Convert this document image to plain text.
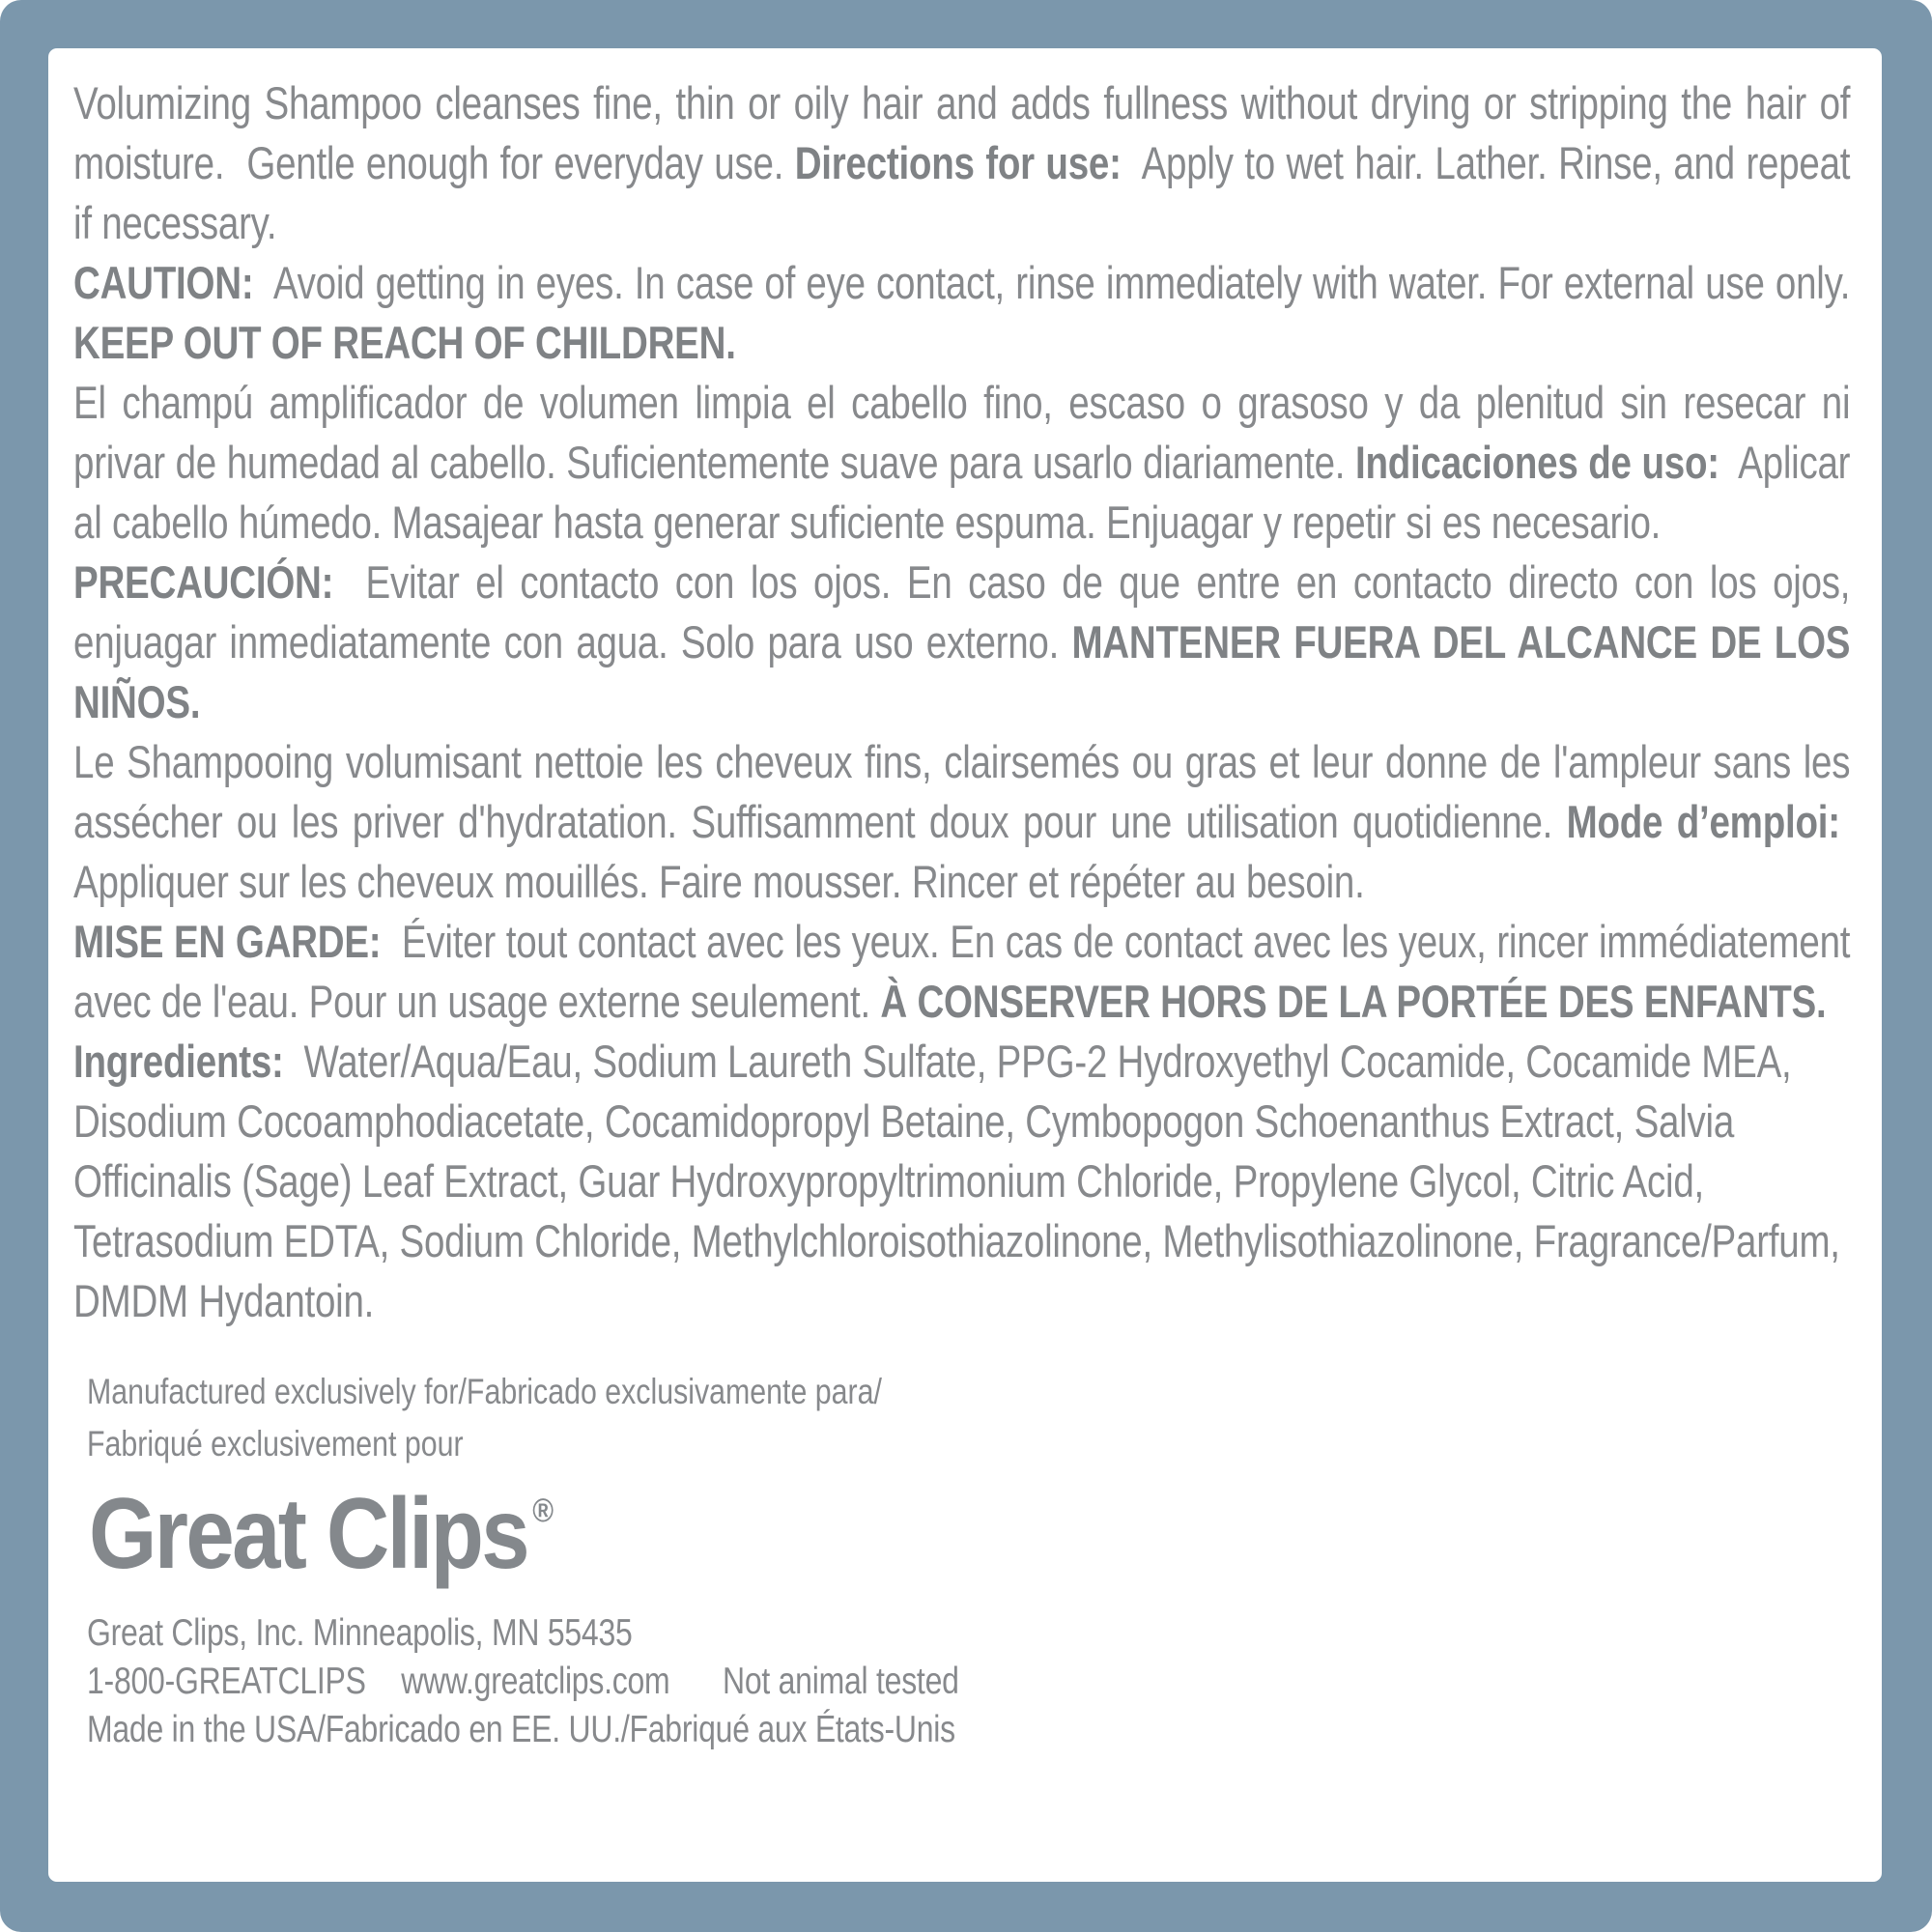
Volumizing Shampoo cleanses fine, thin or oily hair and adds fullness without drying or stripping the hair of moisture.  Gentle enough for everyday use. Directions for use:  Apply to wet hair. Lather. Rinse, and repeat if necessary.

CAUTION:  Avoid getting in eyes. In case of eye contact, rinse immediately with water. For external use only. KEEP OUT OF REACH OF CHILDREN.

El champú amplificador de volumen limpia el cabello fino, escaso o grasoso y da plenitud sin resecar ni privar de humedad al cabello. Suficientemente suave para usarlo diariamente. Indicaciones de uso:  Aplicar al cabello húmedo. Masajear hasta generar suficiente espuma. Enjuagar y repetir si es necesario.

PRECAUCIÓN:  Evitar el contacto con los ojos. En caso de que entre en contacto directo con los ojos, enjuagar inmediatamente con agua. Solo para uso externo. MANTENER FUERA DEL ALCANCE DE LOS NIÑOS.

Le Shampooing volumisant nettoie les cheveux fins, clairsemés ou gras et leur donne de l'ampleur sans les assécher ou les priver d'hydratation. Suffisamment doux pour une utilisation quotidienne. Mode d’emploi:  Appliquer sur les cheveux mouillés. Faire mousser. Rincer et répéter au besoin.

MISE EN GARDE:  Éviter tout contact avec les yeux. En cas de contact avec les yeux, rincer immédiatement avec de l'eau. Pour un usage externe seulement. À CONSERVER HORS DE LA PORTÉE DES ENFANTS.

Ingredients:  Water/Aqua/Eau, Sodium Laureth Sulfate, PPG-2 Hydroxyethyl Cocamide, Cocamide MEA, Disodium Cocoamphodiacetate, Cocamidopropyl Betaine, Cymbopogon Schoenanthus Extract, Salvia Officinalis (Sage) Leaf Extract, Guar Hydroxypropyltrimonium Chloride, Propylene Glycol, Citric Acid, Tetrasodium EDTA, Sodium Chloride, Methylchloroisothiazolinone, Methylisothiazolinone, Fragrance/Parfum, DMDM Hydantoin.

Manufactured exclusively for/Fabricado exclusivamente para/
Fabriqué exclusivement pour
Great Clips ®
Great Clips, Inc. Minneapolis, MN 55435
1-800-GREATCLIPS www.greatclips.com Not animal tested
Made in the USA/Fabricado en EE. UU./Fabriqué aux États-Unis
